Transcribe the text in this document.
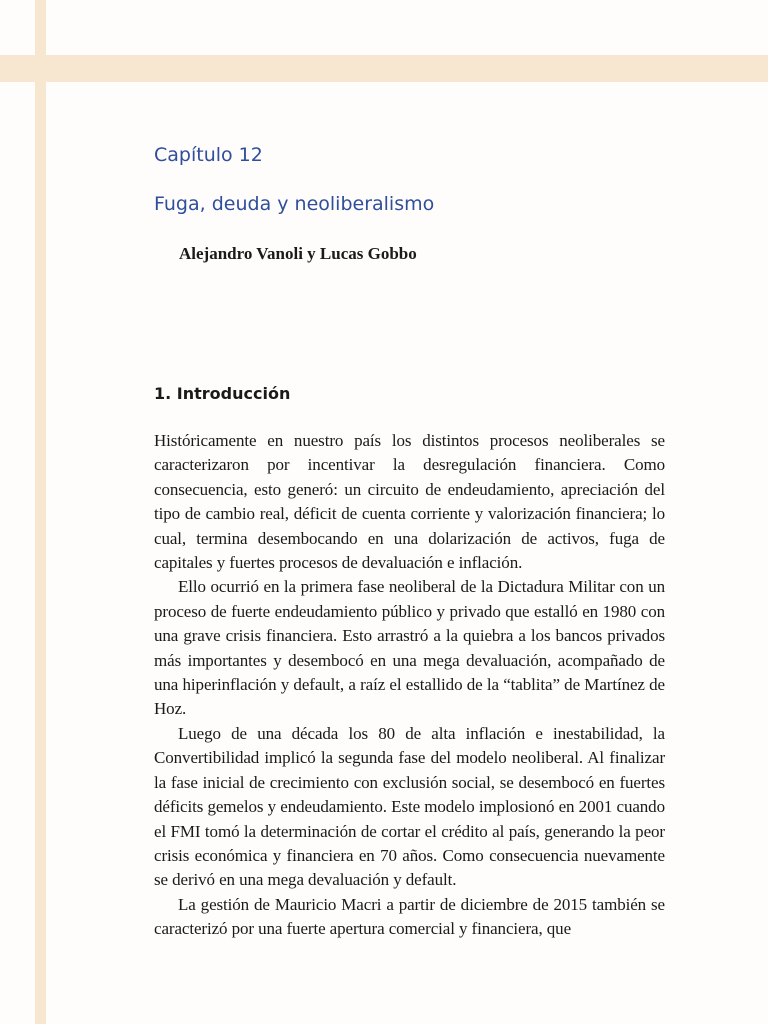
Capítulo 12
Fuga, deuda y neoliberalismo
Alejandro Vanoli y Lucas Gobbo
1. Introducción

Históricamente en nuestro país los distintos procesos neoliberales se caracterizaron por incentivar la desregulación financiera. Como consecuencia, esto generó: un circuito de endeudamiento, apreciación del tipo de cambio real, déficit de cuenta corriente y valorización financiera; lo cual, termina desembocando en una dolarización de activos, fuga de capitales y fuertes procesos de devaluación e inflación.

Ello ocurrió en la primera fase neoliberal de la Dictadura Militar con un proceso de fuerte endeudamiento público y privado que estalló en 1980 con una grave crisis financiera. Esto arrastró a la quiebra a los bancos privados más importantes y desembocó en una mega devaluación, acompañado de una hiperinflación y default, a raíz el estallido de la “tablita” de Martínez de Hoz.

Luego de una década los 80 de alta inflación e inestabilidad, la Convertibilidad implicó la segunda fase del modelo neoliberal. Al finalizar la fase inicial de crecimiento con exclusión social, se desembocó en fuertes déficits gemelos y endeudamiento. Este modelo implosionó en 2001 cuando el FMI tomó la determinación de cortar el crédito al país, generando la peor crisis económica y financiera en 70 años. Como consecuencia nuevamente se derivó en una mega devaluación y default.

La gestión de Mauricio Macri a partir de diciembre de 2015 también se caracterizó por una fuerte apertura comercial y financiera, que
